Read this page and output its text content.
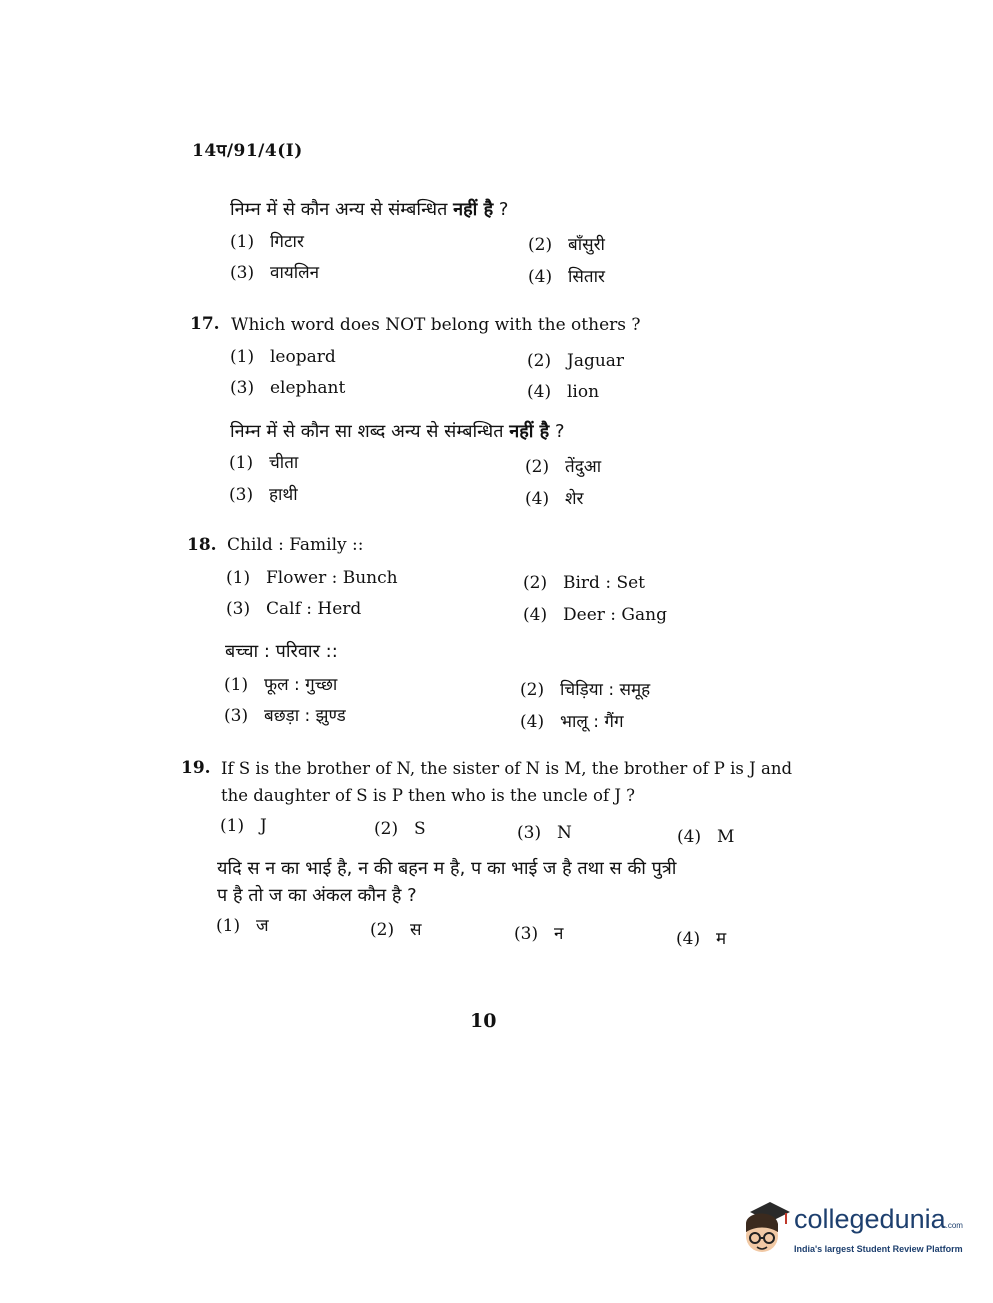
14प/91/4(I)
निम्न में से कौन अन्य से संम्बन्धित नहीं है ?
(1) गिटार	(2) बाँसुरी
(3) वायलिन	(4) सितार
17. Which word does NOT belong with the others ?
(1) leopard	(2) Jaguar
(3) elephant	(4) lion
निम्न में से कौन सा शब्द अन्य से संम्बन्धित नहीं है ?
(1) चीता	(2) तेंदुआ
(3) हाथी	(4) शेर
18. Child : Family ::
(1) Flower : Bunch	(2) Bird : Set
(3) Calf : Herd	(4) Deer : Gang
बच्चा : परिवार ::
(1) फूल : गुच्छा	(2) चिड़िया : समूह
(3) बछड़ा : झुण्ड	(4) भालू : गैंग
19. If S is the brother of N, the sister of N is M, the brother of P is J and
the daughter of S is P then who is the uncle of J ?
(1) J	(2) S	(3) N	(4) M
यदि स न का भाई है, न की बहन म है, प का भाई ज है तथा स की पुत्री
प है तो ज का अंकल कौन है ?
(1) ज	(2) स	(3) न	(4) म
10
collegedunia.com
India's largest Student Review Platform
